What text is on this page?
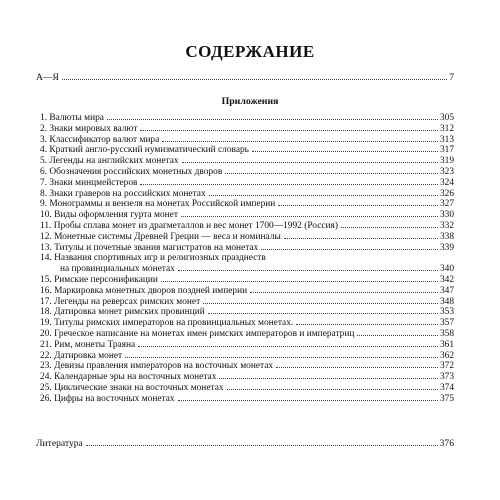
СОДЕРЖАНИЕ
А—Я	7
Приложения
1. Валюты мира	305
2. Знаки мировых валют	312
3. Классификатор валют мира	313
4. Краткий англо-русский нумизматический словарь	317
5. Легенды на английских монетах	319
6. Обозначения российских монетных дворов	323
7. Знаки минцмейстеров	324
8. Знаки граверов на российских монетах	326
9. Монограммы и вензеля на монетах Российской империи	327
10. Виды оформления гурта монет	330
11. Пробы сплава монет из драгметаллов и вес монет 1700—1992 (Россия)	332
12. Монетные системы Древней Греции — веса и номиналы	338
13. Титулы и почетные звания магистратов на монетах	339
14. Названия спортивных игр и религиозных празднеств
на провинциальных монетах	340
15. Римские персонификации	342
16. Маркировка монетных дворов поздней империи	347
17. Легенды на реверсах римских монет	348
18. Датировка монет римских провинций	353
19. Титулы римских императоров на провинциальных монетах.	357
20. Греческое написание на монетах имен римских императоров и императриц	358
21. Рим, монеты Траяна	361
22. Датировка монет	362
23. Девизы правления императоров на восточных монетах	372
24. Календарные эры на восточных монетах	373
25. Циклические знаки на восточных монетах	374
26. Цифры на восточных монетах	375
Литература	376
